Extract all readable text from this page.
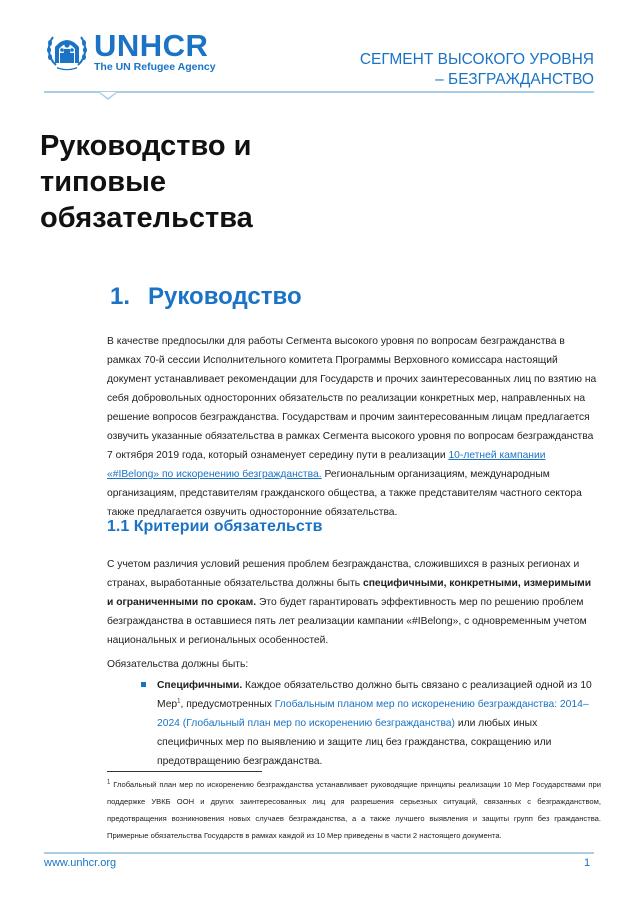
UNHCR
The UN Refugee Agency	СЕГМЕНТ ВЫСОКОГО УРОВНЯ
– БЕЗГРАЖДАНСТВО
Руководство и
типовые
обязательства
1. Руководство

В качестве предпосылки для работы Сегмента высокого уровня по вопросам безгражданства в рамках 70-й сессии Исполнительного комитета Программы Верховного комиссара настоящий документ устанавливает рекомендации для Государств и прочих заинтересованных лиц по взятию на себя добровольных односторонних обязательств по реализации конкретных мер, направленных на решение вопросов безгражданства. Государствам и прочим заинтересованным лицам предлагается озвучить указанные обязательства в рамках Сегмента высокого уровня по вопросам безгражданства 7 октября 2019 года, который ознаменует середину пути в реализации 10-летней кампании «#IBelong» по искоренению безгражданства. Региональным организациям, международным организациям, представителям гражданского общества, а также представителям частного сектора также предлагается озвучить односторонние обязательства.

1.1 Критерии обязательств

С учетом различия условий решения проблем безгражданства, сложившихся в разных регионах и странах, выработанные обязательства должны быть специфичными, конкретными, измеримыми и ограниченными по срокам. Это будет гарантировать эффективность мер по решению проблем безгражданства в оставшиеся пять лет реализации кампании «#IBelong», с одновременным учетом национальных и региональных особенностей.

Обязательства должны быть:

Специфичными. Каждое обязательство должно быть связано с реализацией одной из 10 Мер$^1$, предусмотренных Глобальным планом мер по искоренению безгражданства: 2014–2024 (Глобальный план мер по искоренению безгражданства) или любых иных специфичных мер по выявлению и защите лиц без гражданства, сокращению или предотвращению безгражданства.

$^1$ Глобальный план мер по искоренению безгражданства устанавливает руководящие принципы реализации 10 Мер Государствами при поддержке УВКБ ООН и других заинтересованных лиц для разрешения серьезных ситуаций, связанных с безгражданством, предотвращения возникновения новых случаев безгражданства, а а также лучшего выявления и защиты групп без гражданства. Примерные обязательства Государств в рамках каждой из 10 Мер приведены в части 2 настоящего документа.

www.unhcr.org	1
